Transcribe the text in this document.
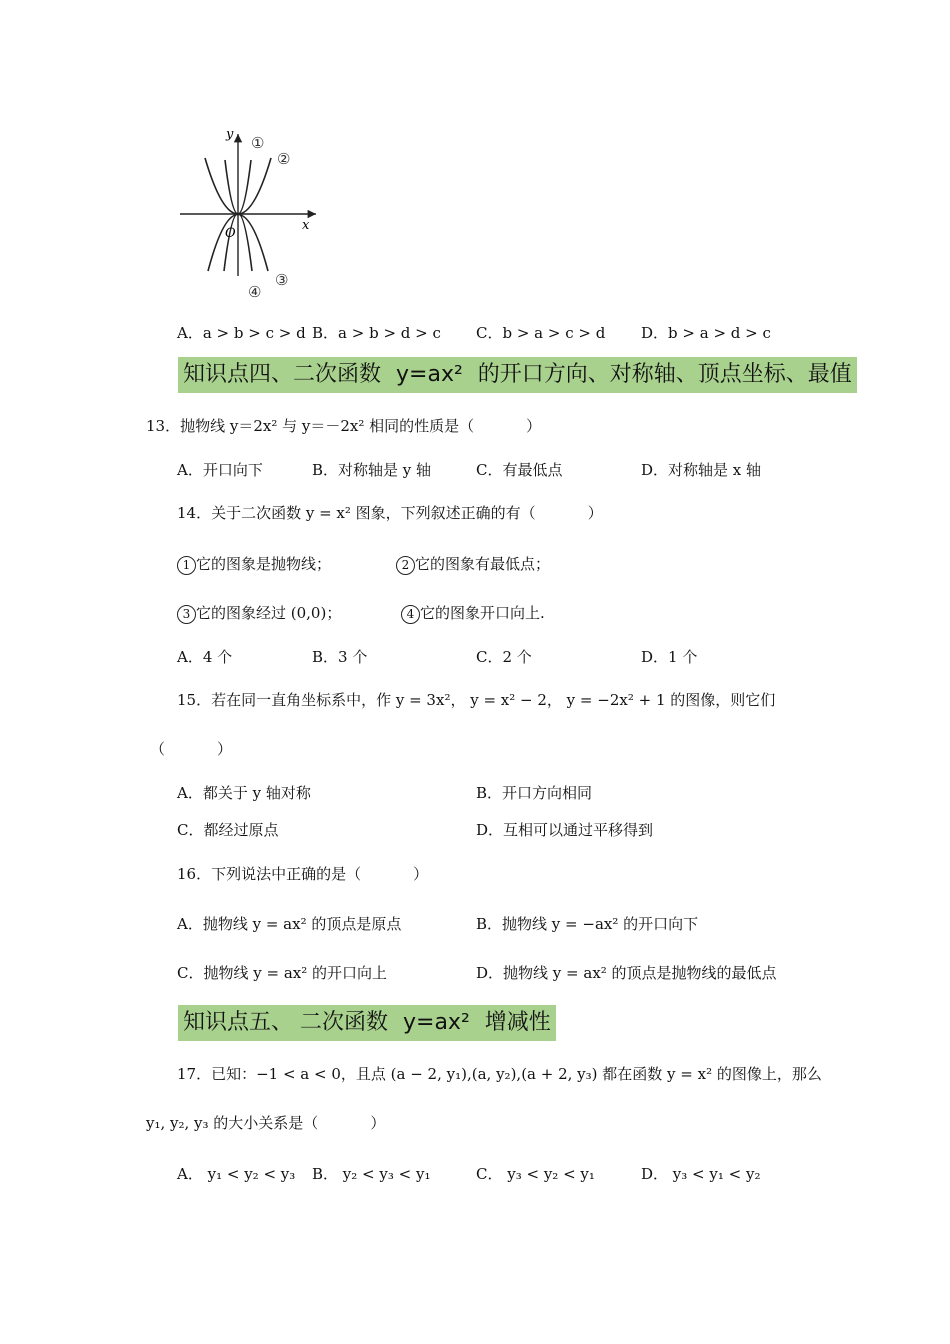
y
x
O
①
②
③
④
A．a > b > c > d B．a > b > d > c C．b > a > c > d D．b > a > d > c
知识点四、二次函数 y=ax² 的开口方向、对称轴、顶点坐标、最值
13．抛物线 y＝2x² 与 y＝－2x² 相同的性质是（	）
A．开口向下	B．对称轴是 y 轴	C．有最低点	D．对称轴是 x 轴
14．关于二次函数 y = x² 图象，下列叙述正确的有（	）
1 它的图象是抛物线；	2 它的图象有最低点；
3 它的图象经过 (0,0)；	4 它的图象开口向上.
A．4 个	B．3 个	C．2 个	D．1 个
15．若在同一直角坐标系中，作 y = 3x²， y = x² − 2， y = −2x² + 1 的图像，则它们
（	）
A．都关于 y 轴对称	B．开口方向相同
C．都经过原点	D．互相可以通过平移得到
16．下列说法中正确的是（	）
A．抛物线 y = ax² 的顶点是原点	B．抛物线 y = −ax² 的开口向下
C．抛物线 y = ax² 的开口向上	D．抛物线 y = ax² 的顶点是抛物线的最低点
知识点五、 二次函数 y=ax² 增减性
17．已知：−1 < a < 0，且点 (a − 2, y₁),(a, y₂),(a + 2, y₃) 都在函数 y = x² 的图像上，那么
y₁, y₂, y₃ 的大小关系是（	）
A． y₁ < y₂ < y₃ B． y₂ < y₃ < y₁	C． y₃ < y₂ < y₁	D． y₃ < y₁ < y₂
